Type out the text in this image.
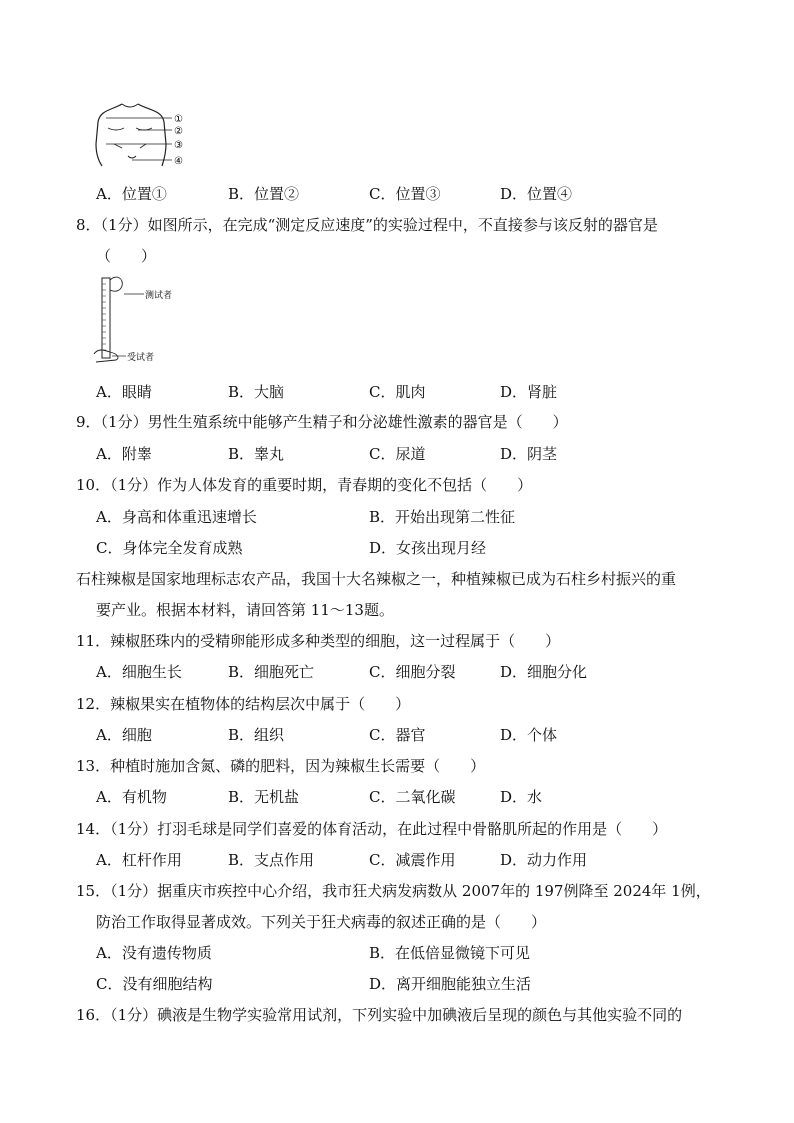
①
②
③
④
A．位置①	B．位置②	C．位置③	D．位置④
8．（1分）如图所示，在完成“测定反应速度”的实验过程中，不直接参与该反射的器官是
（　　）
测试者
受试者
A．眼睛	B．大脑	C．肌肉	D．肾脏
9．（1分）男性生殖系统中能够产生精子和分泌雄性激素的器官是（　　）
A．附睾	B．睾丸	C．尿道	D．阴茎
10．（1分）作为人体发育的重要时期，青春期的变化不包括（　　）
A．身高和体重迅速增长	B．开始出现第二性征
C．身体完全发育成熟	D．女孩出现月经
石柱辣椒是国家地理标志农产品，我国十大名辣椒之一，种植辣椒已成为石柱乡村振兴的重
要产业。根据本材料，请回答第 11～13题。
11．辣椒胚珠内的受精卵能形成多种类型的细胞，这一过程属于（　　）
A．细胞生长	B．细胞死亡	C．细胞分裂	D．细胞分化
12．辣椒果实在植物体的结构层次中属于（　　）
A．细胞	B．组织	C．器官	D．个体
13．种植时施加含氮、磷的肥料，因为辣椒生长需要（　　）
A．有机物	B．无机盐	C．二氧化碳	D．水
14．（1分）打羽毛球是同学们喜爱的体育活动，在此过程中骨骼肌所起的作用是（　　）
A．杠杆作用	B．支点作用	C．减震作用	D．动力作用
15．（1分）据重庆市疾控中心介绍，我市狂犬病发病数从 2007年的 197例降至 2024年 1例，
防治工作取得显著成效。下列关于狂犬病毒的叙述正确的是（　　）
A．没有遗传物质	B．在低倍显微镜下可见
C．没有细胞结构	D．离开细胞能独立生活
16．（1分）碘液是生物学实验常用试剂，下列实验中加碘液后呈现的颜色与其他实验不同的
